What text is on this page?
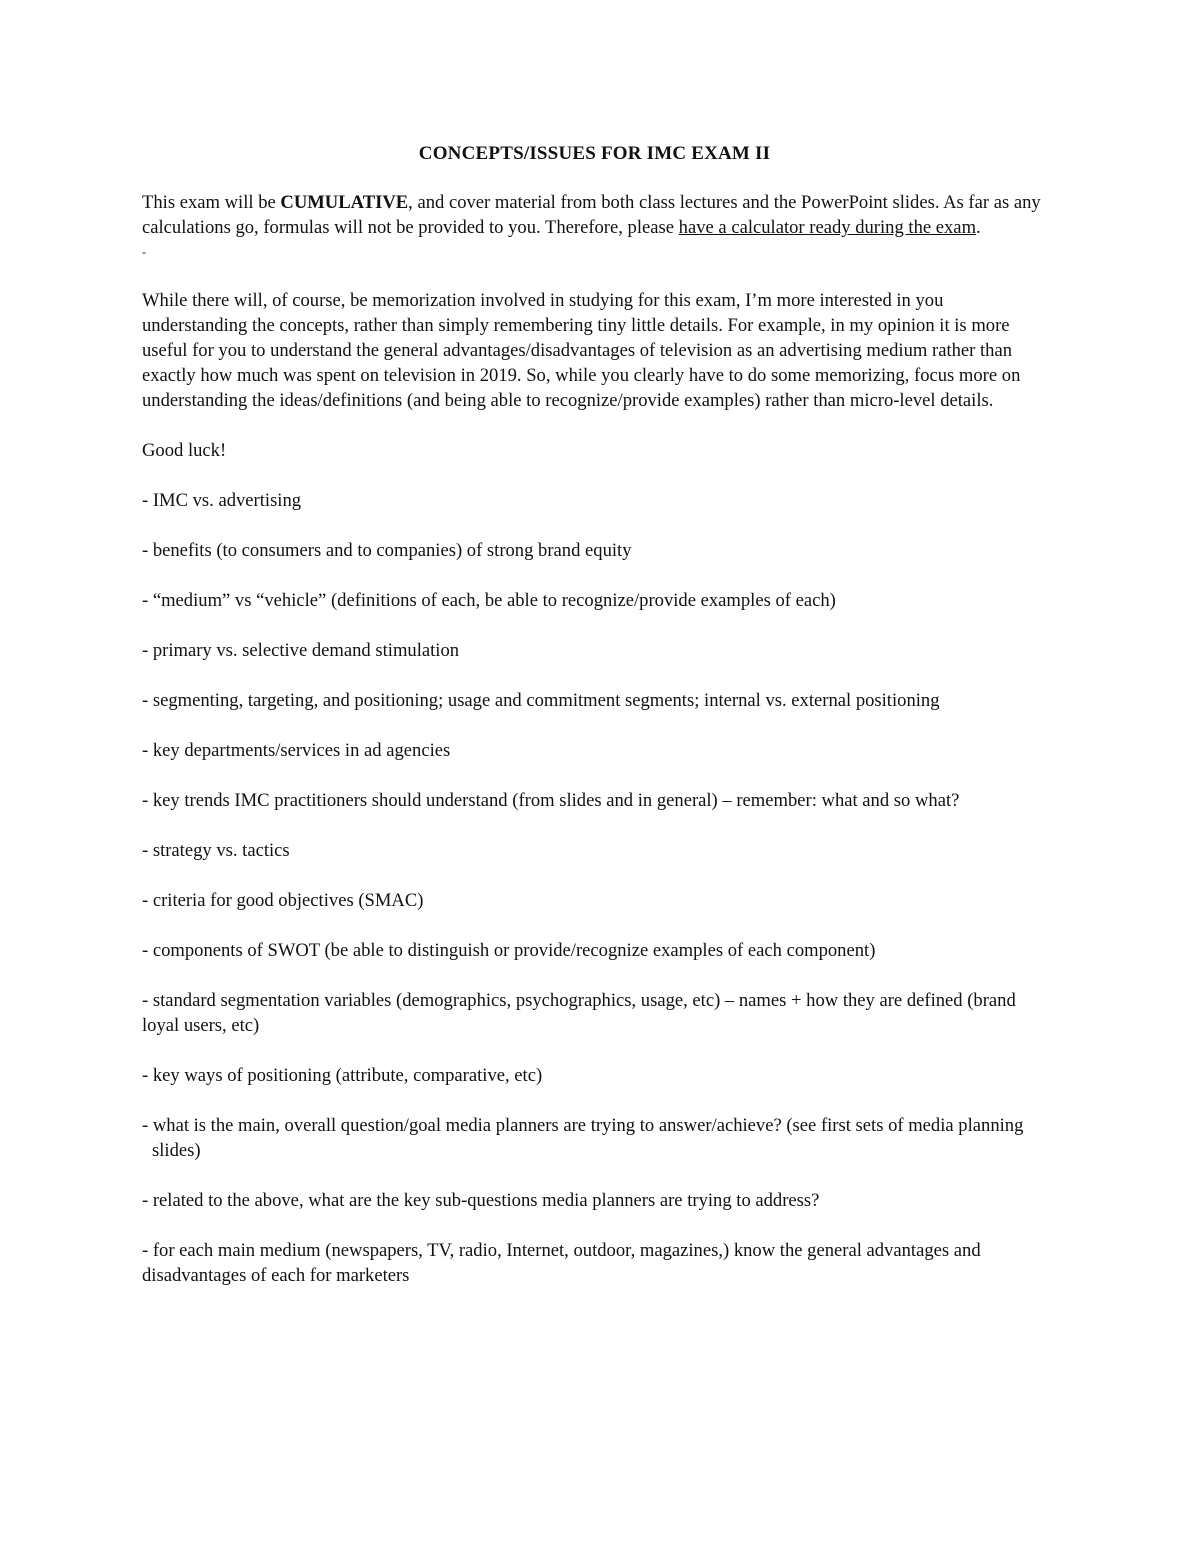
CONCEPTS/ISSUES FOR IMC EXAM II

This exam will be CUMULATIVE, and cover material from both class lectures and the PowerPoint slides. As far as any calculations go, formulas will not be provided to you. Therefore, please have a calculator ready during the exam.

-

While there will, of course, be memorization involved in studying for this exam, I’m more interested in you understanding the concepts, rather than simply remembering tiny little details. For example, in my opinion it is more useful for you to understand the general advantages/disadvantages of television as an advertising medium rather than exactly how much was spent on television in 2019. So, while you clearly have to do some memorizing, focus more on understanding the ideas/definitions (and being able to recognize/provide examples) rather than micro-level details.

Good luck!

- IMC vs. advertising

- benefits (to consumers and to companies) of strong brand equity

- “medium” vs “vehicle” (definitions of each, be able to recognize/provide examples of each)

- primary vs. selective demand stimulation

- segmenting, targeting, and positioning; usage and commitment segments; internal vs. external positioning

- key departments/services in ad agencies

- key trends IMC practitioners should understand (from slides and in general) – remember: what and so what?

- strategy vs. tactics

- criteria for good objectives (SMAC)

- components of SWOT (be able to distinguish or provide/recognize examples of each component)

- standard segmentation variables (demographics, psychographics, usage, etc) – names + how they are defined (brand loyal users, etc)

- key ways of positioning (attribute, comparative, etc)

- what is the main, overall question/goal media planners are trying to answer/achieve? (see first sets of media planning slides)

- related to the above, what are the key sub-questions media planners are trying to address?

- for each main medium (newspapers, TV, radio, Internet, outdoor, magazines,) know the general advantages and disadvantages of each for marketers
